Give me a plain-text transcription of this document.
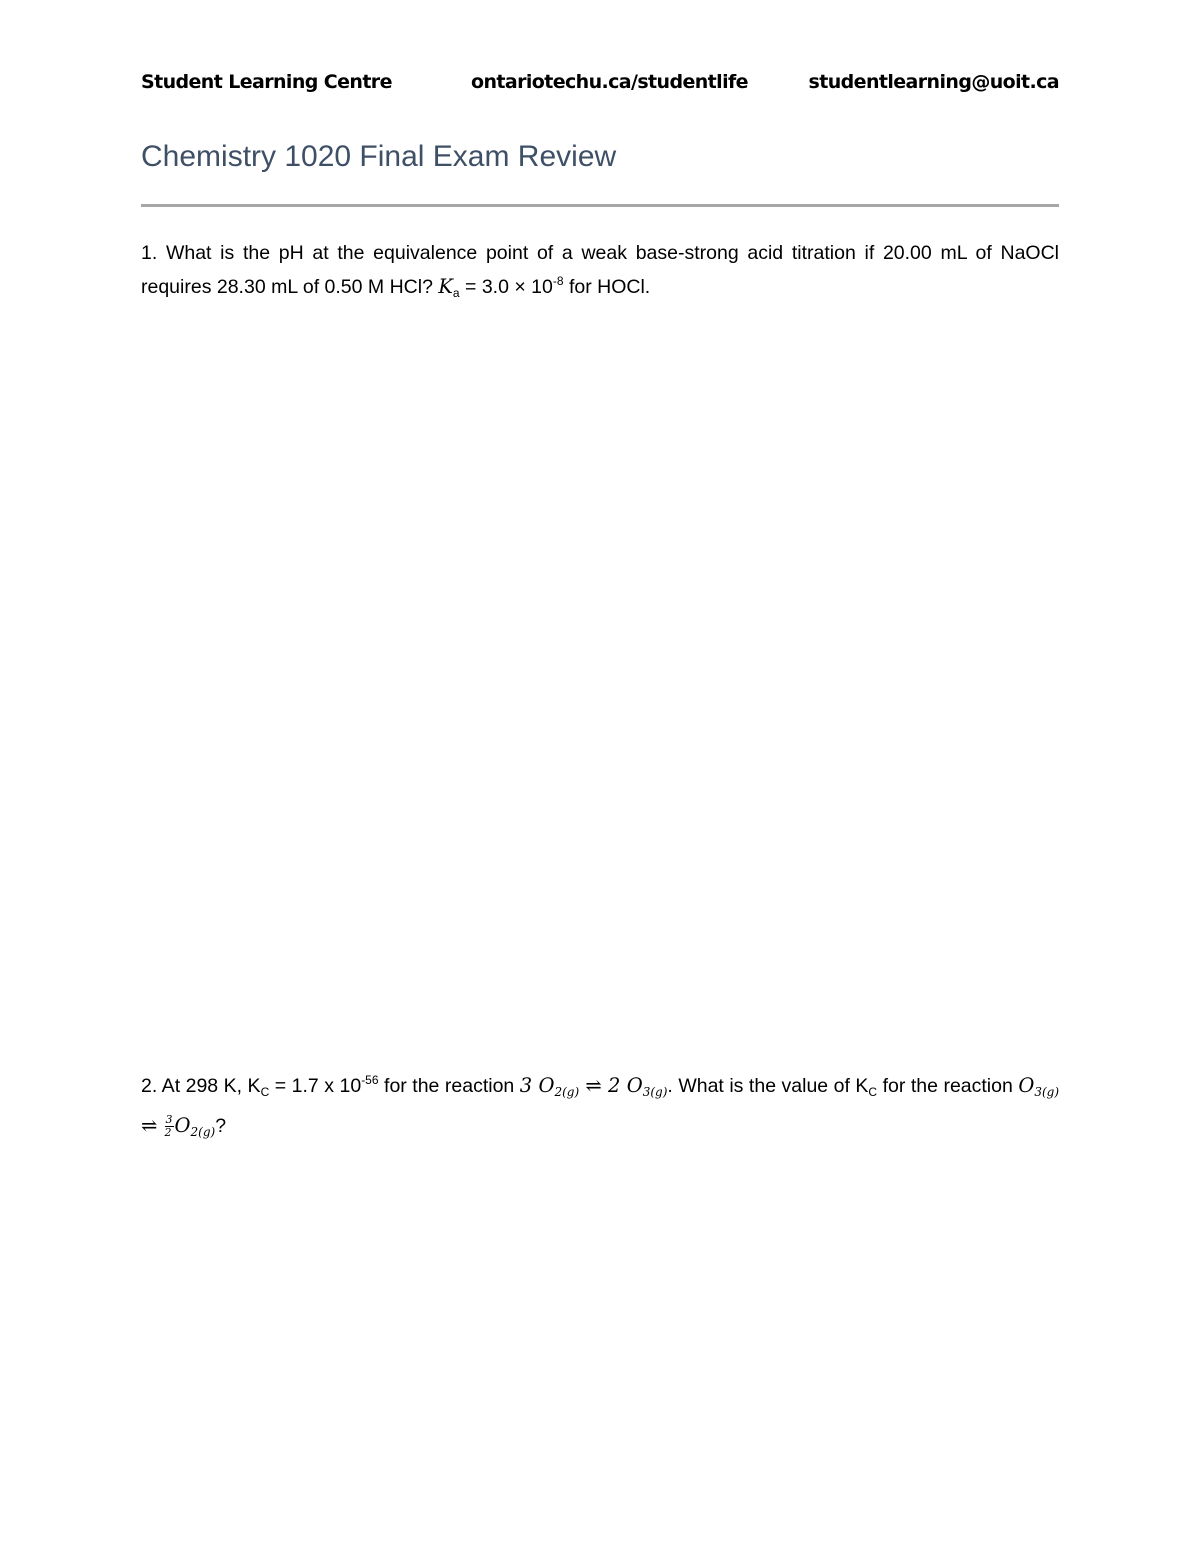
Student Learning Centre	ontariotechu.ca/studentlife	studentlearning@uoit.ca
Chemistry 1020 Final Exam Review
1. What is the pH at the equivalence point of a weak base-strong acid titration if 20.00 mL of NaOCl requires 28.30 mL of 0.50 M HCl? $K_a = 3.0 \times 10^{-8}$ for HOCl.
2. At 298 K, $K_C = 1.7$ x $10^{-56}$ for the reaction 3 $O_{2(g)}$ ⇌ 2 $O_{3(g)}$. What is the value of $K_C$ for the reaction $O_{3(g)}$ ⇌ $\frac{3}{2} O_{2(g)}$?
